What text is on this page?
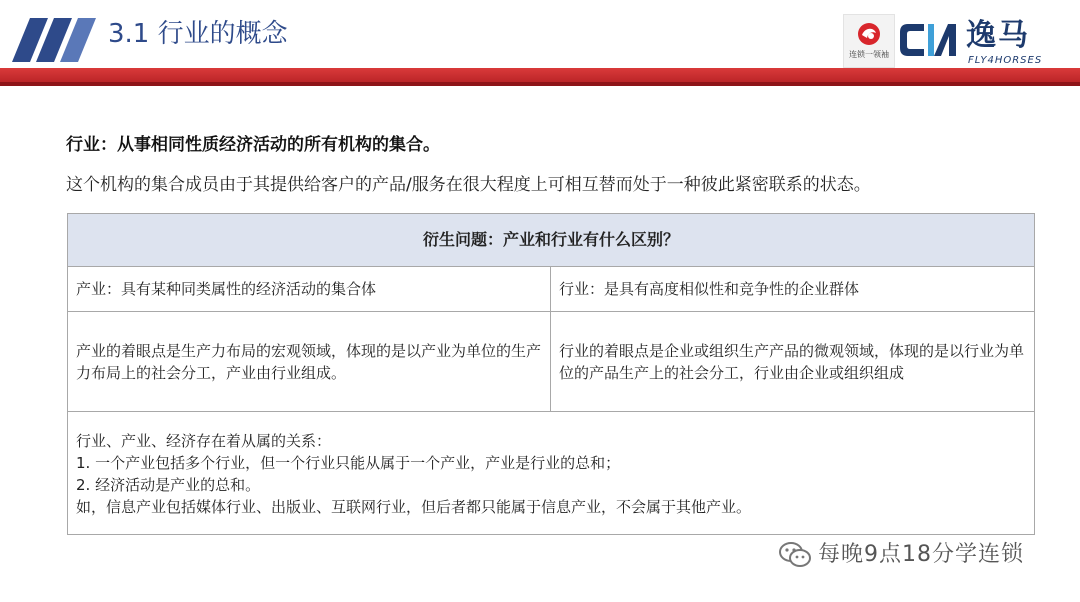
3.1 行业的概念
连锁一领袖
逸马
FLY4HORSES
行业：从事相同性质经济活动的所有机构的集合。
这个机构的集合成员由于其提供给客户的产品/服务在很大程度上可相互替而处于一种彼此紧密联系的状态。
衍生问题：产业和行业有什么区别？	
产业：具有某种同类属性的经济活动的集合体	行业：是具有高度相似性和竞争性的企业群体
产业的着眼点是生产力布局的宏观领域，体现的是以产业为单位的生产力布局上的社会分工，产业由行业组成。	行业的着眼点是企业或组织生产产品的微观领域，体现的是以行业为单位的产品生产上的社会分工，行业由企业或组织组成

行业、产业、经济存在着从属的关系：
1. 一个产业包括多个行业，但一个行业只能从属于一个产业，产业是行业的总和；
2. 经济活动是产业的总和。
如，信息产业包括媒体行业、出版业、互联网行业，但后者都只能属于信息产业，不会属于其他产业。	
每晚9点18分学连锁
